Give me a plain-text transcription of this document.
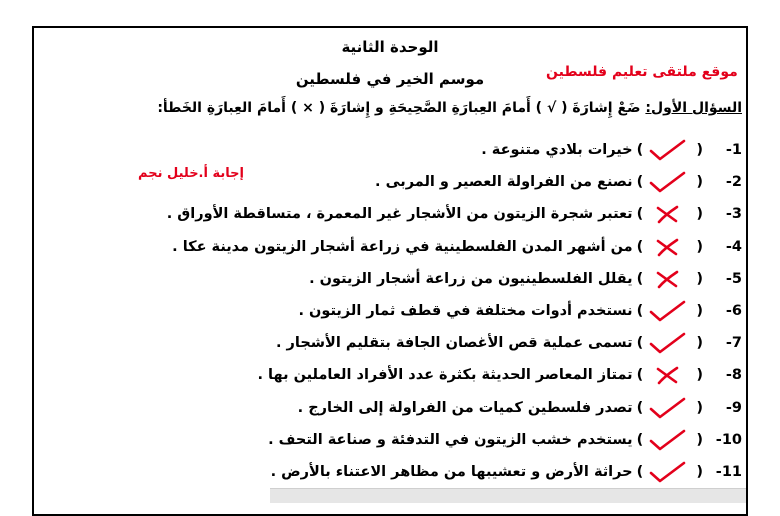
الوحدة الثانية
موسم الخير في فلسطين	موقع ملتقى تعليم فلسطين
إجابة أ.خليل نجم
السؤال الأول: ضَعْ إِشارَةَ ( √ ) أَمامَ العِبارَةِ الصَّحِيحَةِ و إِشارَةَ ( × ) أَمامَ العِبارَةِ الخَطأ:
1-
(
)
خيرات بلادي متنوعة .
2-
(
)
نصنع من الفراولة العصير و المربى .
3-
(
)
تعتبر شجرة الزيتون من الأشجار غير المعمرة ، متساقطة الأوراق .
4-
(
)
من أشهر المدن الفلسطينية في زراعة أشجار الزيتون مدينة عكا .
5-
(
)
يقلل الفلسطينيون من زراعة أشجار الزيتون .
6-
(
)
نستخدم أدوات مختلفة في قطف ثمار الزيتون .
7-
(
)
تسمى عملية قص الأغصان الجافة بتقليم الأشجار .
8-
(
)
تمتاز المعاصر الحديثة بكثرة عدد الأفراد العاملين بها .
9-
(
)
تصدر فلسطين كميات من الفراولة إلى الخارج .
10-
(
)
يستخدم خشب الزيتون في التدفئة و صناعة التحف .
11-
(
)
حراثة الأرض و تعشيبها من مظاهر الاعتناء بالأرض .
